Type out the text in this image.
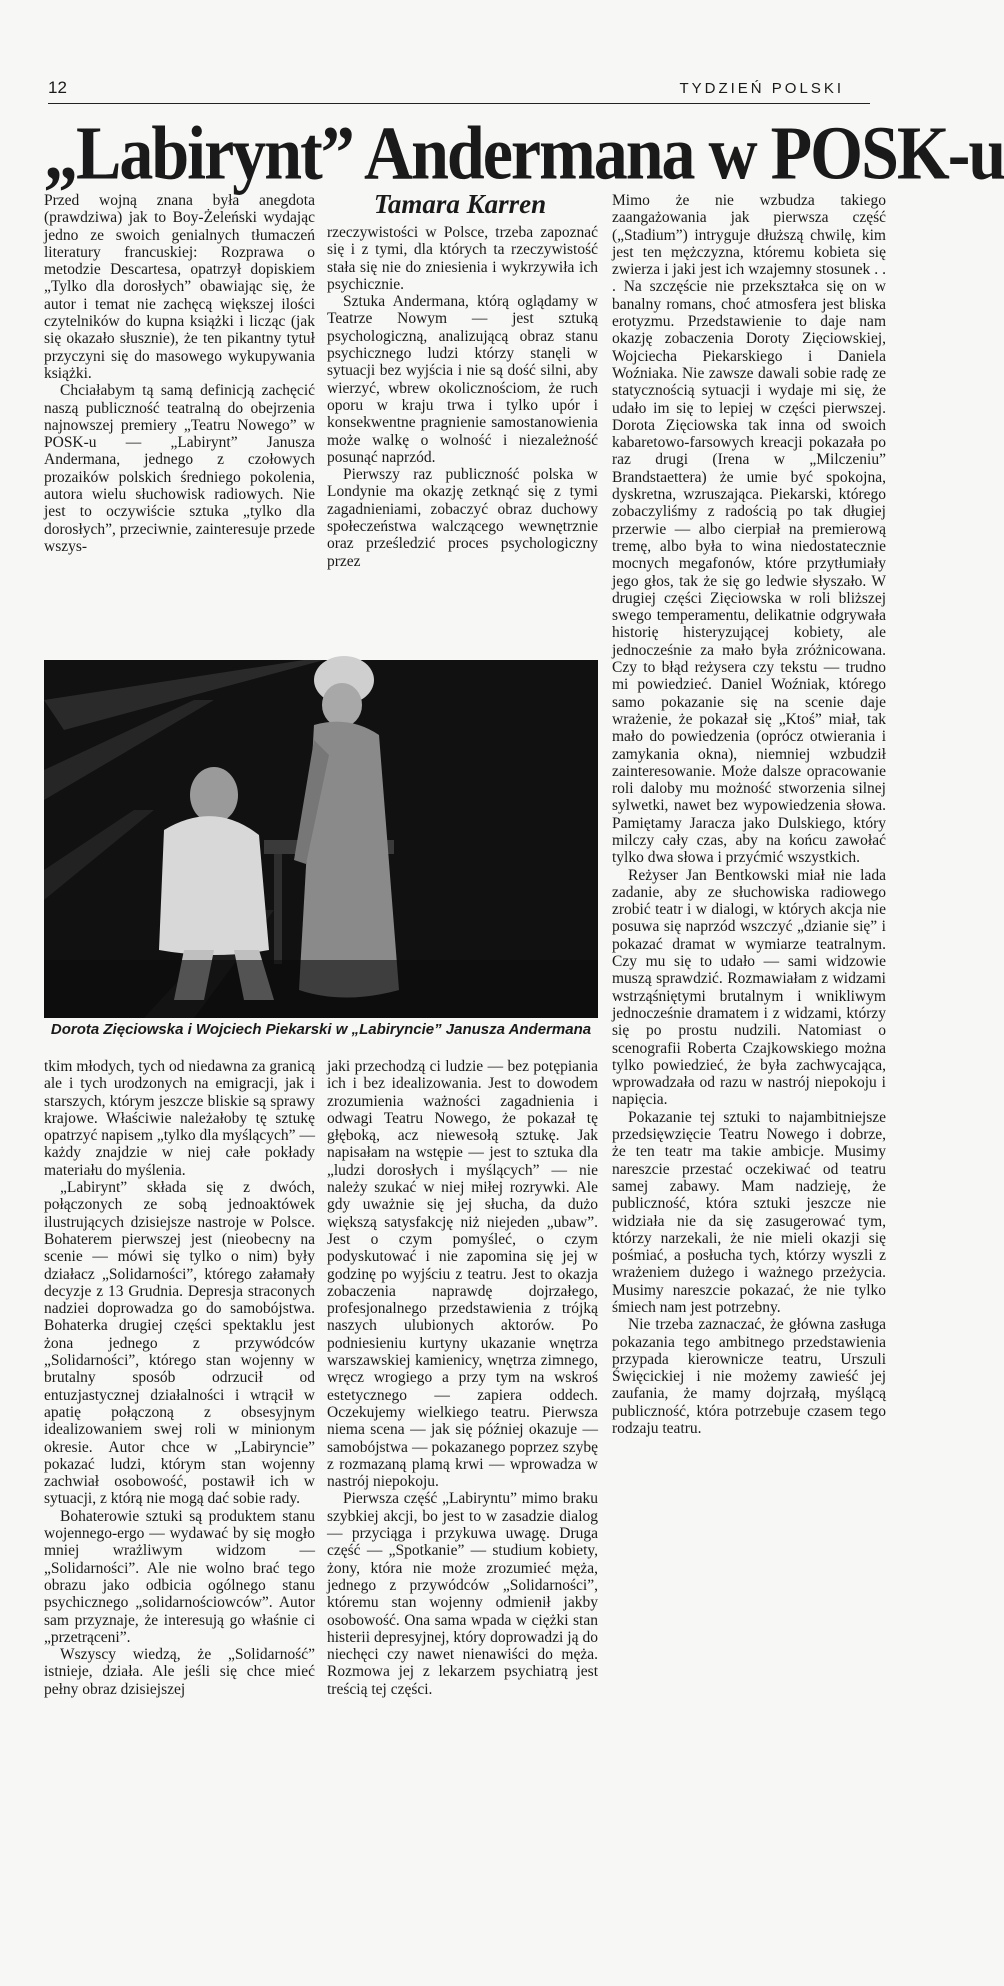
12	TYDZIEŃ POLSKI
„Labirynt” Andermana w POSK-u
Tamara Karren

Przed wojną znana była anegdota (prawdziwa) jak to Boy-Żeleński wydając jedno ze swoich genialnych tłumaczeń literatury francuskiej: Rozprawa o metodzie Descartesa, opatrzył dopiskiem „Tylko dla dorosłych” obawiając się, że autor i temat nie zachęcą większej ilości czytelników do kupna książki i licząc (jak się okazało słusznie), że ten pikantny tytuł przyczyni się do masowego wykupywania książki.

Chciałabym tą samą definicją zachęcić naszą publiczność teatralną do obejrzenia najnowszej premiery „Teatru Nowego” w POSK-u — „Labirynt” Janusza Andermana, jednego z czołowych prozaików polskich średniego pokolenia, autora wielu słuchowisk radiowych. Nie jest to oczywiście sztuka „tylko dla dorosłych”, przeciwnie, zainteresuje przede wszys-

rzeczywistości w Polsce, trzeba zapoznać się i z tymi, dla których ta rzeczywistość stała się nie do zniesienia i wykrzywiła ich psychicznie.

Sztuka Andermana, którą oglądamy w Teatrze Nowym — jest sztuką psychologiczną, analizującą obraz stanu psychicznego ludzi którzy stanęli w sytuacji bez wyjścia i nie są dość silni, aby wierzyć, wbrew okolicznościom, że ruch oporu w kraju trwa i tylko upór i konsekwentne pragnienie samostanowienia może walkę o wolność i niezależność posunąć naprzód.

Pierwszy raz publiczność polska w Londynie ma okazję zetknąć się z tymi zagadnieniami, zobaczyć obraz duchowy społeczeństwa walczącego wewnętrznie oraz prześledzić proces psychologiczny przez

Dorota Zięciowska i Wojciech Piekarski w „Labiryncie” Janusza Andermana

tkim młodych, tych od niedawna za granicą ale i tych urodzonych na emigracji, jak i starszych, którym jeszcze bliskie są sprawy krajowe. Właściwie należałoby tę sztukę opatrzyć napisem „tylko dla myślących” — każdy znajdzie w niej całe pokłady materiału do myślenia.

„Labirynt” składa się z dwóch, połączonych ze sobą jednoaktówek ilustrujących dzisiejsze nastroje w Polsce. Bohaterem pierwszej jest (nieobecny na scenie — mówi się tylko o nim) były działacz „Solidarności”, którego załamały decyzje z 13 Grudnia. Depresja straconych nadziei doprowadza go do samobójstwa. Bohaterka drugiej części spektaklu jest żona jednego z przywódców „Solidarności”, którego stan wojenny w brutalny sposób odrzucił od entuzjastycznej działalności i wtrącił w apatię połączoną z obsesyjnym idealizowaniem swej roli w minionym okresie. Autor chce w „Labiryncie” pokazać ludzi, którym stan wojenny zachwiał osobowość, postawił ich w sytuacji, z którą nie mogą dać sobie rady.

Bohaterowie sztuki są produktem stanu wojennego-ergo — wydawać by się mogło mniej wrażliwym widzom — „Solidarności”. Ale nie wolno brać tego obrazu jako odbicia ogólnego stanu psychicznego „solidarnościowców”. Autor sam przyznaje, że interesują go właśnie ci „przetrącenі”.

Wszyscy wiedzą, że „Solidarność” istnieje, działa. Ale jeśli się chce mieć pełny obraz dzisiejszej

jaki przechodzą ci ludzie — bez potępiania ich i bez idealizowania. Jest to dowodem zrozumienia ważności zagadnienia i odwagi Teatru Nowego, że pokazał tę głęboką, acz niewesołą sztukę. Jak napisałam na wstępie — jest to sztuka dla „ludzi dorosłych i myślących” — nie należy szukać w niej miłej rozrywki. Ale gdy uważnie się jej słucha, da dużo większą satysfakcję niż niejeden „ubaw”. Jest o czym pomyśleć, o czym podyskutować i nie zapomina się jej w godzinę po wyjściu z teatru. Jest to okazja zobaczenia naprawdę dojrzałego, profesjonalnego przedstawienia z trójką naszych ulubionych aktorów. Po podniesieniu kurtyny ukazanie wnętrza warszawskiej kamienicy, wnętrza zimnego, wręcz wrogiego a przy tym na wskroś estetycznego — zapiera oddech. Oczekujemy wielkiego teatru. Pierwsza niema scena — jak się później okazuje — samobójstwa — pokazanego poprzez szybę z rozmazaną plamą krwi — wprowadza w nastrój niepokoju.

Pierwsza część „Labiryntu” mimo braku szybkiej akcji, bo jest to w zasadzie dialog — przyciąga i przykuwa uwagę. Druga część — „Spotkanie” — studium kobiety, żony, która nie może zrozumieć męża, jednego z przywódców „Solidarności”, któremu stan wojenny odmienił jakby osobowość. Ona sama wpada w ciężki stan histerii depresyjnej, który doprowadzi ją do niechęci czy nawet nienawiści do męża. Rozmowa jej z lekarzem psychiatrą jest treścią tej części.

Mimo że nie wzbudza takiego zaangażowania jak pierwsza część („Stadium”) intryguje dłuższą chwilę, kim jest ten mężczyzna, któremu kobieta się zwierza i jaki jest ich wzajemny stosunek . . . Na szczęście nie przekształca się on w banalny romans, choć atmosfera jest bliska erotyzmu. Przedstawienie to daje nam okazję zobaczenia Doroty Zięciowskiej, Wojciecha Piekarskiego i Daniela Woźniaka. Nie zawsze dawali sobie radę ze statycznością sytuacji i wydaje mi się, że udało im się to lepiej w części pierwszej. Dorota Zięciowska tak inna od swoich kabaretowo-farsowych kreacji pokazała po raz drugi (Irena w „Milczeniu” Brandstaettera) że umie być spokojna, dyskretna, wzruszająca. Piekarski, którego zobaczyliśmy z radością po tak długiej przerwie — albo cierpiał na premierową tremę, albo była to wina niedostatecznie mocnych megafonów, które przytłumiały jego głos, tak że się go ledwie słyszało. W drugiej części Zięciowska w roli bliższej swego temperamentu, delikatnie odgrywała historię histeryzującej kobiety, ale jednocześnie za mało była zróżnicowana. Czy to błąd reżysera czy tekstu — trudno mi powiedzieć. Daniel Woźniak, którego samo pokazanie się na scenie daje wrażenie, że pokazał się „Ktoś” miał, tak mało do powiedzenia (oprócz otwierania i zamykania okna), niemniej wzbudził zainteresowanie. Może dalsze opracowanie roli daloby mu możność stworzenia silnej sylwetki, nawet bez wypowiedzenia słowa. Pamiętamy Jaracza jako Dulskiego, który milczy cały czas, aby na końcu zawołać tylko dwa słowa i przyćmić wszystkich.

Reżyser Jan Bentkowski miał nie lada zadanie, aby ze słuchowiska radiowego zrobić teatr i w dialogi, w których akcja nie posuwa się naprzód wszczyć „dzianie się” i pokazać dramat w wymiarze teatralnym. Czy mu się to udało — sami widzowie muszą sprawdzić. Rozmawiałam z widzami wstrząśniętymi brutalnym i wnikliwym jednocześnie dramatem i z widzami, którzy się po prostu nudzili. Natomiast o scenografii Roberta Czajkowskiego można tylko powiedzieć, że była zachwycająca, wprowadzała od razu w nastrój niepokoju i napięcia.

Pokazanie tej sztuki to najambitniejsze przedsięwzięcie Teatru Nowego i dobrze, że ten teatr ma takie ambicje. Musimy nareszcie przestać oczekiwać od teatru samej zabawy. Mam nadzieję, że publiczność, która sztuki jeszcze nie widziała nie da się zasugerować tym, którzy narzekali, że nie mieli okazji się pośmiać, a posłucha tych, którzy wyszli z wrażeniem dużego i ważnego przeżycia. Musimy nareszcie pokazać, że nie tylko śmiech nam jest potrzebny.

Nie trzeba zaznaczać, że główna zasługa pokazania tego ambitnego przedstawienia przypada kierownicze teatru, Urszuli Święcickiej i nie możemy zawieść jej zaufania, że mamy dojrzałą, myślącą publiczność, która potrzebuje czasem tego rodzaju teatru.
